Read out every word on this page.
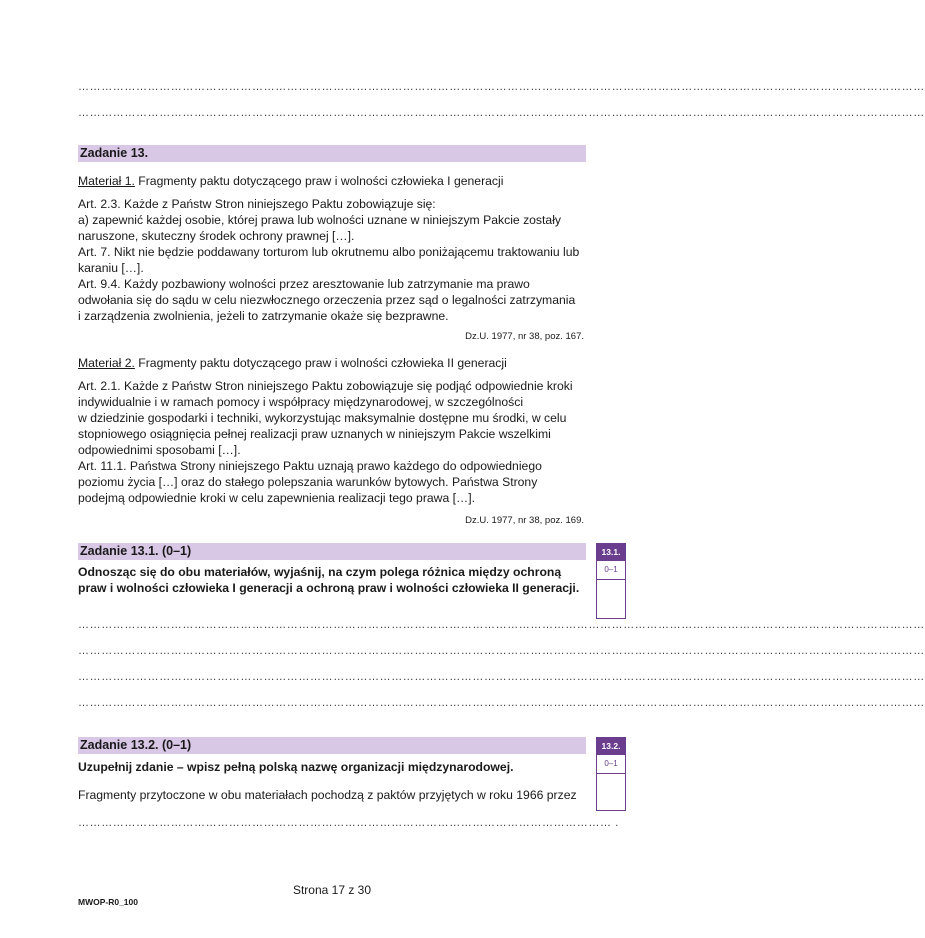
…………………………………………………………………………………………………………………………………………………………………………………………………
…………………………………………………………………………………………………………………………………………………………………………………………………
Zadanie 13.
Materiał 1. Fragmenty paktu dotyczącego praw i wolności człowieka I generacji
Art. 2.3. Każde z Państw Stron niniejszego Paktu zobowiązuje się:
a) zapewnić każdej osobie, której prawa lub wolności uznane w niniejszym Pakcie zostały
naruszone, skuteczny środek ochrony prawnej […].
Art. 7. Nikt nie będzie poddawany torturom lub okrutnemu albo poniżającemu traktowaniu lub
karaniu […].
Art. 9.4. Każdy pozbawiony wolności przez aresztowanie lub zatrzymanie ma prawo
odwołania się do sądu w celu niezwłocznego orzeczenia przez sąd o legalności zatrzymania
i zarządzenia zwolnienia, jeżeli to zatrzymanie okaże się bezprawne.
Dz.U. 1977, nr 38, poz. 167.
Materiał 2. Fragmenty paktu dotyczącego praw i wolności człowieka II generacji
Art. 2.1. Każde z Państw Stron niniejszego Paktu zobowiązuje się podjąć odpowiednie kroki
indywidualnie i w ramach pomocy i współpracy międzynarodowej, w szczególności
w dziedzinie gospodarki i techniki, wykorzystując maksymalnie dostępne mu środki, w celu
stopniowego osiągnięcia pełnej realizacji praw uznanych w niniejszym Pakcie wszelkimi
odpowiednimi sposobami […].
Art. 11.1. Państwa Strony niniejszego Paktu uznają prawo każdego do odpowiedniego
poziomu życia […] oraz do stałego polepszania warunków bytowych. Państwa Strony
podejmą odpowiednie kroki w celu zapewnienia realizacji tego prawa […].
Dz.U. 1977, nr 38, poz. 169.
Zadanie 13.1. (0–1)
Odnosząc się do obu materiałów, wyjaśnij, na czym polega różnica między ochroną
praw i wolności człowieka I generacji a ochroną praw i wolności człowieka II generacji.
13.1.
0–1
…………………………………………………………………………………………………………………………………………………………………………………………………
…………………………………………………………………………………………………………………………………………………………………………………………………
…………………………………………………………………………………………………………………………………………………………………………………………………
…………………………………………………………………………………………………………………………………………………………………………………………………
Zadanie 13.2. (0–1)
Uzupełnij zdanie – wpisz pełną polską nazwę organizacji międzynarodowej.
Fragmenty przytoczone w obu materiałach pochodzą z paktów przyjętych w roku 1966 przez
………………………………………………………………………………………………………………………… .
13.2.
0–1
Strona 17 z 30
MWOP-R0_100
